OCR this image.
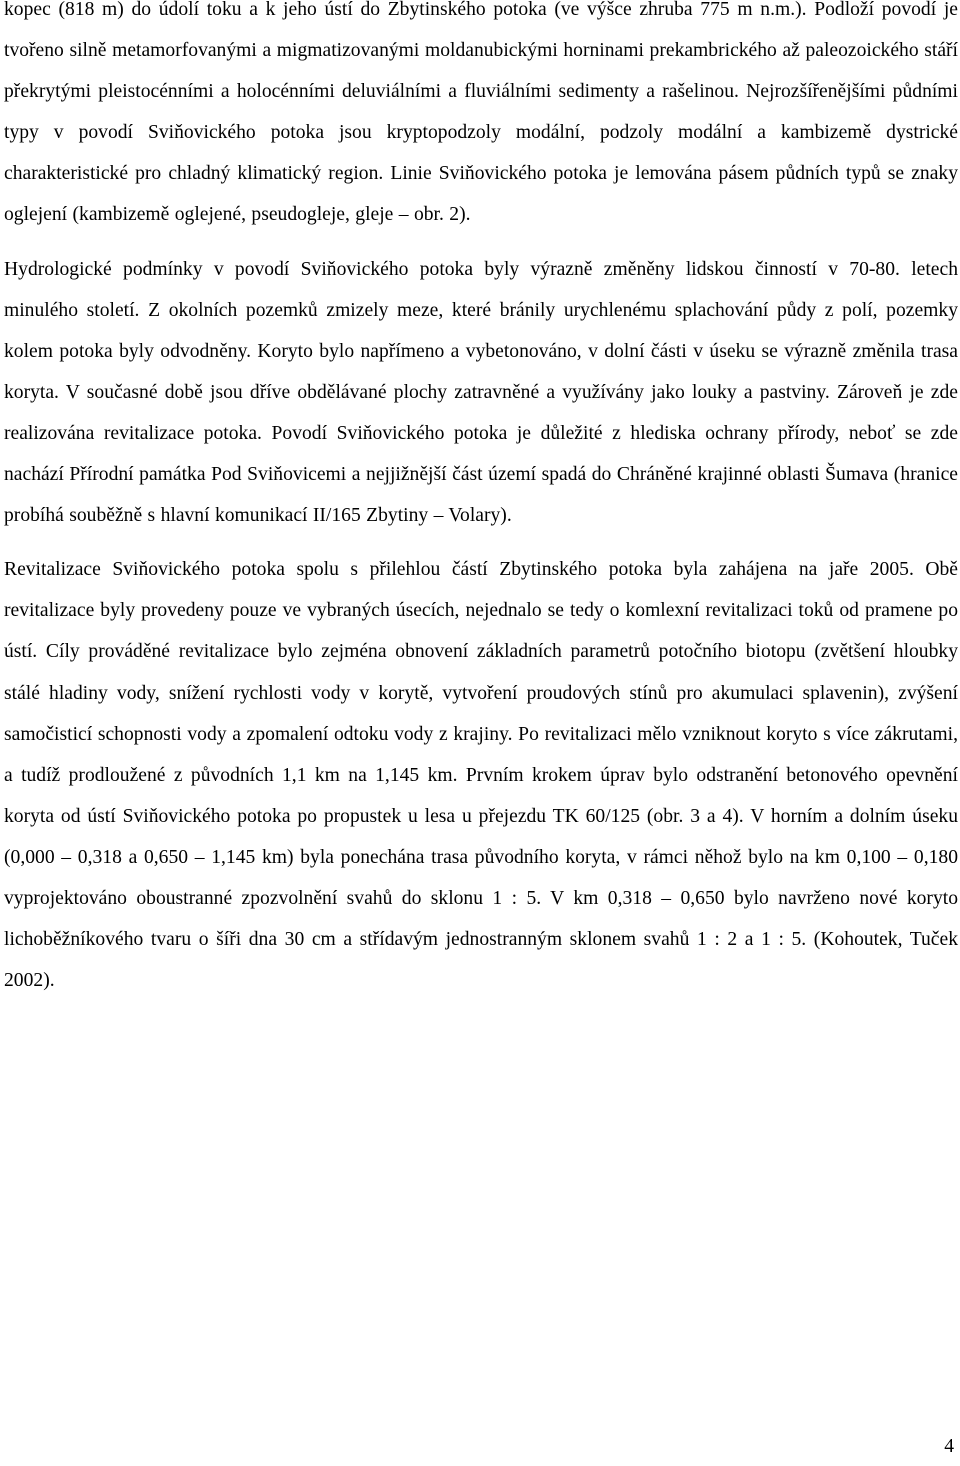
kopec (818 m) do údolí toku a k jeho ústí do Zbytinského potoka (ve výšce zhruba 775 m n.m.). Podloží povodí je tvořeno silně metamorfovanými a migmatizovanými moldanubickými horninami prekambrického až paleozoického stáří překrytými pleistocénními a holocénními deluviálními a fluviálními sedimenty a rašelinou. Nejrozšířenějšími půdními typy v povodí Sviňovického potoka jsou kryptopodzoly modální, podzoly modální a kambizemě dystrické charakteristické pro chladný klimatický region. Linie Sviňovického potoka je lemována pásem půdních typů se znaky oglejení (kambizemě oglejené, pseudogleje, gleje – obr. 2).

Hydrologické podmínky v povodí Sviňovického potoka byly výrazně změněny lidskou činností v 70-80. letech minulého století. Z okolních pozemků zmizely meze, které bránily urychlenému splachování půdy z polí, pozemky kolem potoka byly odvodněny. Koryto bylo napřímeno a vybetonováno, v dolní části v úseku se výrazně změnila trasa koryta. V současné době jsou dříve obdělávané plochy zatravněné a využívány jako louky a pastviny. Zároveň je zde realizována revitalizace potoka. Povodí Sviňovického potoka je důležité z hlediska ochrany přírody, neboť se zde nachází Přírodní památka Pod Sviňovicemi a nejjižnější část území spadá do Chráněné krajinné oblasti Šumava (hranice probíhá souběžně s hlavní komunikací II/165 Zbytiny – Volary).

Revitalizace Sviňovického potoka spolu s přilehlou částí Zbytinského potoka byla zahájena na jaře 2005. Obě revitalizace byly provedeny pouze ve vybraných úsecích, nejednalo se tedy o komlexní revitalizaci toků od pramene po ústí. Cíly prováděné revitalizace bylo zejména obnovení základních parametrů potočního biotopu (zvětšení hloubky stálé hladiny vody, snížení rychlosti vody v korytě, vytvoření proudových stínů pro akumulaci splavenin), zvýšení samočisticí schopnosti vody a zpomalení odtoku vody z krajiny. Po revitalizaci mělo vzniknout koryto s více zákrutami, a tudíž prodloužené z původních 1,1 km na 1,145 km. Prvním krokem úprav bylo odstranění betonového opevnění koryta od ústí Sviňovického potoka po propustek u lesa u přejezdu TK 60/125 (obr. 3 a 4). V horním a dolním úseku (0,000 – 0,318 a 0,650 – 1,145 km) byla ponechána trasa původního koryta, v rámci něhož bylo na km 0,100 – 0,180 vyprojektováno oboustranné zpozvolnění svahů do sklonu 1 : 5. V km 0,318 – 0,650 bylo navrženo nové koryto lichoběžníkového tvaru o šíři dna 30 cm a střídavým jednostranným sklonem svahů 1 : 2 a 1 : 5. (Kohoutek, Tuček 2002).

4
